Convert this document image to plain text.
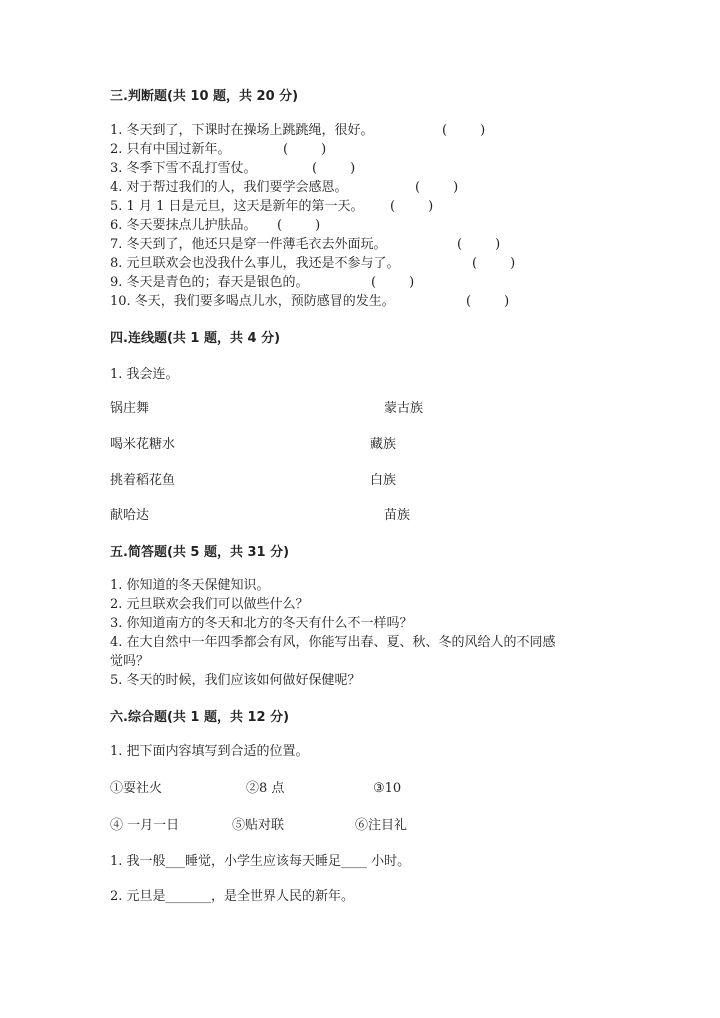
三.判断题(共 10 题，共 20 分)
1. 冬天到了，下课时在操场上跳跳绳，很好。	(        )
2. 只有中国过新年。	(        )
3. 冬季下雪不乱打雪仗。	(        )
4. 对于帮过我们的人，我们要学会感恩。	(        )
5. 1 月 1 日是元旦，这天是新年的第一天。 (        )
6. 冬天要抹点儿护肤品。 (        )
7. 冬天到了，他还只是穿一件薄毛衣去外面玩。	(        )
8. 元旦联欢会也没我什么事儿，我还是不参与了。	(        )
9. 冬天是青色的；春天是银色的。	(        )
10. 冬天，我们要多喝点儿水，预防感冒的发生。	(        )
四.连线题(共 1 题，共 4 分)
1. 我会连。
锅庄舞	蒙古族
喝米花糖水	藏族
挑着稻花鱼	白族
献哈达	苗族
五.简答题(共 5 题，共 31 分)
1. 你知道的冬天保健知识。
2. 元旦联欢会我们可以做些什么？
3. 你知道南方的冬天和北方的冬天有什么不一样吗？
4. 在大自然中一年四季都会有风，你能写出春、夏、秋、冬的风给人的不同感
觉吗？
5. 冬天的时候，我们应该如何做好保健呢？
六.综合题(共 1 题，共 12 分)
1. 把下面内容填写到合适的位置。
①耍社火	②8 点	③10
④ 一月一日	⑤贴对联	⑥注目礼
1. 我一般___睡觉，小学生应该每天睡足____ 小时。
2. 元旦是_______，是全世界人民的新年。
